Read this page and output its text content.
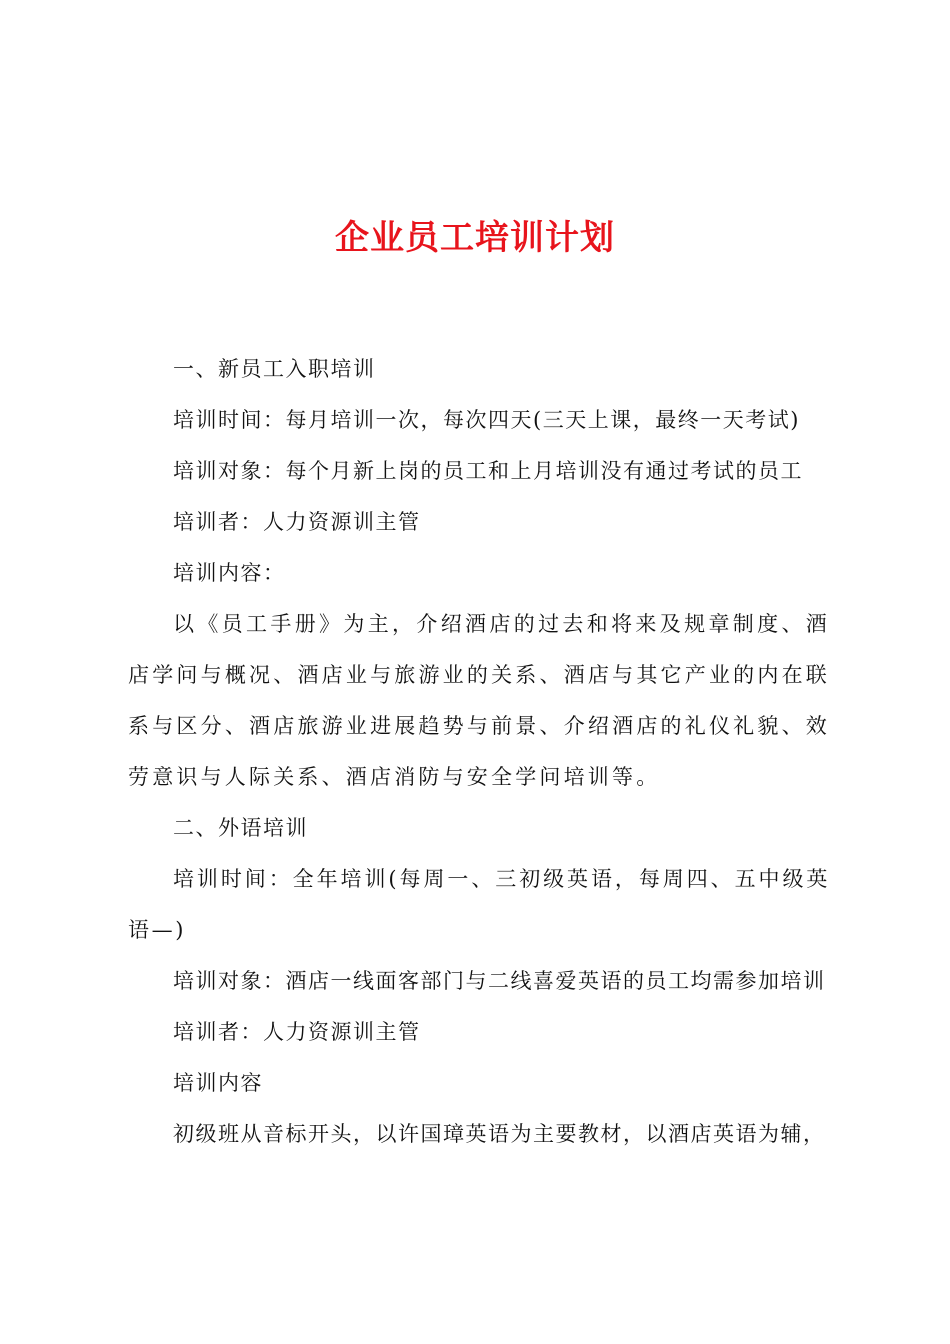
企业员工培训计划
一、新员工入职培训
培训时间：每月培训一次，每次四天(三天上课，最终一天考试)
培训对象：每个月新上岗的员工和上月培训没有通过考试的员工
培训者：人力资源训主管
培训内容：
以《员工手册》为主，介绍酒店的过去和将来及规章制度、酒店学问与概况、酒店业与旅游业的关系、酒店与其它产业的内在联系与区分、酒店旅游业进展趋势与前景、介绍酒店的礼仪礼貌、效劳意识与人际关系、酒店消防与安全学问培训等。
二、外语培训
培训时间：全年培训(每周一、三初级英语，每周四、五中级英语—)
培训对象：酒店一线面客部门与二线喜爱英语的员工均需参加培训
培训者：人力资源训主管
培训内容
初级班从音标开头，以许国璋英语为主要教材，以酒店英语为辅，
